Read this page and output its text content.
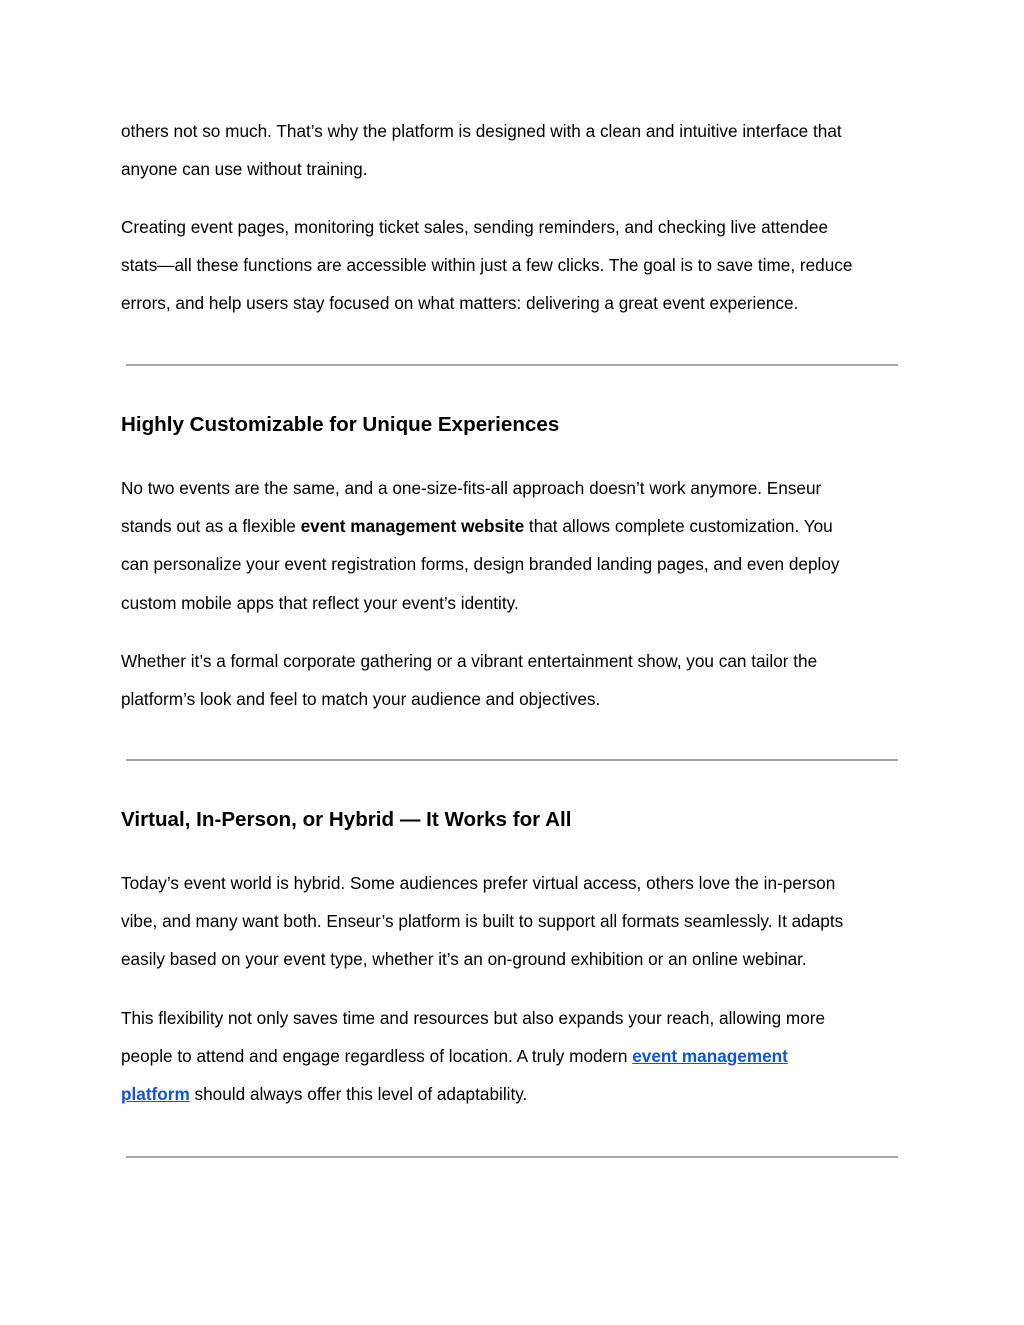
others not so much. That’s why the platform is designed with a clean and intuitive interface that

anyone can use without training.

Creating event pages, monitoring ticket sales, sending reminders, and checking live attendee

stats—all these functions are accessible within just a few clicks. The goal is to save time, reduce

errors, and help users stay focused on what matters: delivering a great event experience.

Highly Customizable for Unique Experiences

No two events are the same, and a one-size-fits-all approach doesn’t work anymore. Enseur

stands out as a flexible event management website that allows complete customization. You

can personalize your event registration forms, design branded landing pages, and even deploy

custom mobile apps that reflect your event’s identity.

Whether it’s a formal corporate gathering or a vibrant entertainment show, you can tailor the

platform’s look and feel to match your audience and objectives.

Virtual, In-Person, or Hybrid — It Works for All

Today’s event world is hybrid. Some audiences prefer virtual access, others love the in-person

vibe, and many want both. Enseur’s platform is built to support all formats seamlessly. It adapts

easily based on your event type, whether it’s an on-ground exhibition or an online webinar.

This flexibility not only saves time and resources but also expands your reach, allowing more

people to attend and engage regardless of location. A truly modern event management

platform should always offer this level of adaptability.
